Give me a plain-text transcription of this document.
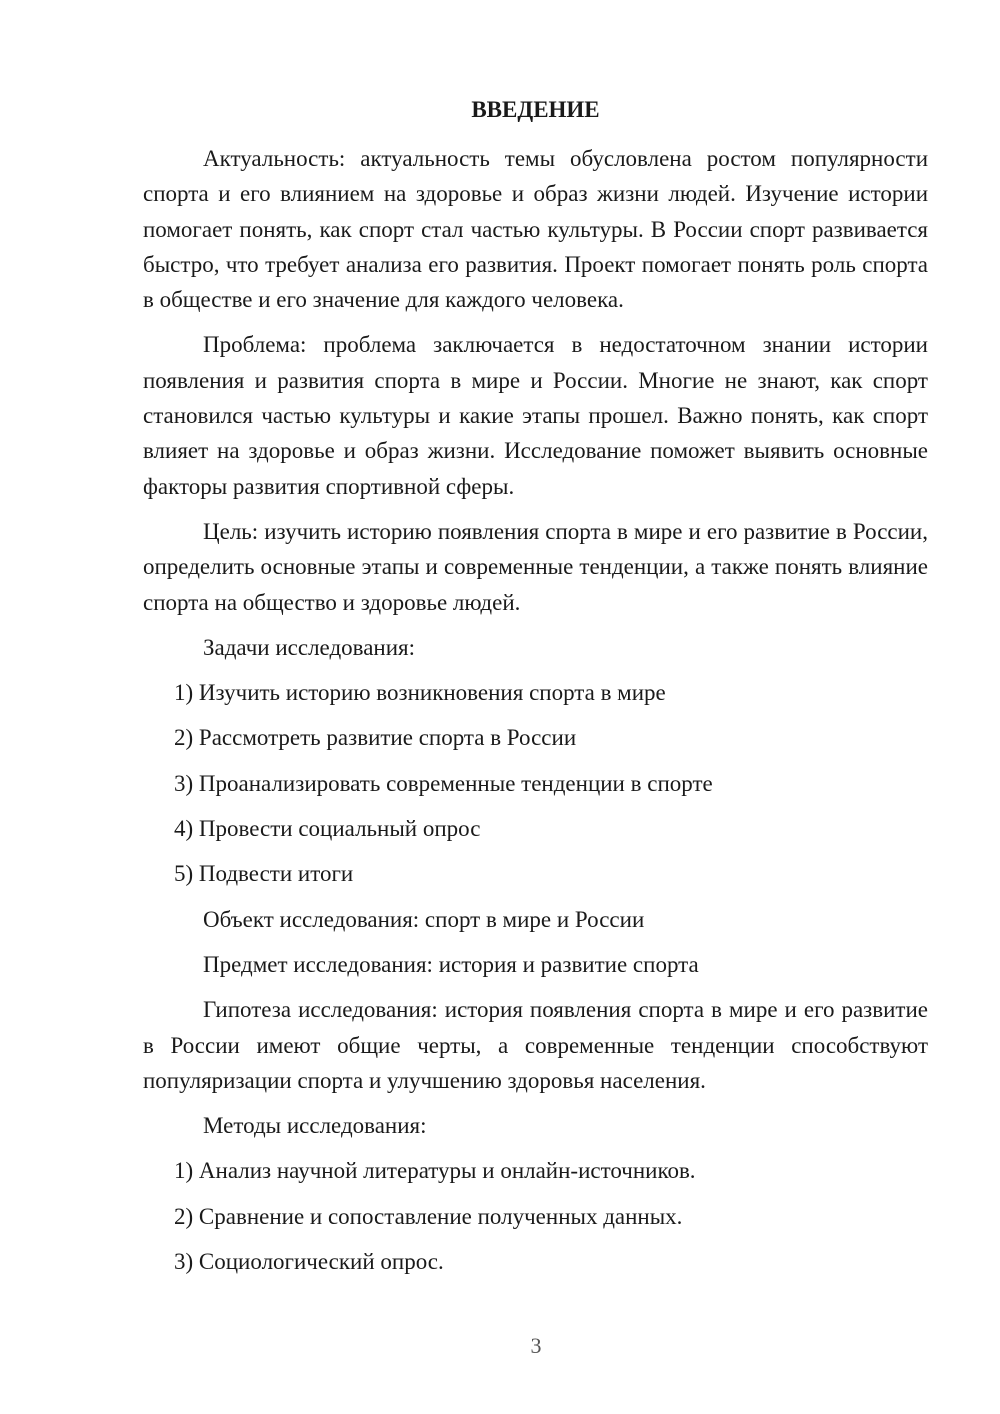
ВВЕДЕНИЕ

Актуальность: актуальность темы обусловлена ростом популярности спорта и его влиянием на здоровье и образ жизни людей. Изучение истории помогает понять, как спорт стал частью культуры. В России спорт развивается быстро, что требует анализа его развития. Проект помогает понять роль спорта в обществе и его значение для каждого человека.

Проблема: проблема заключается в недостаточном знании истории появления и развития спорта в мире и России. Многие не знают, как спорт становился частью культуры и какие этапы прошел. Важно понять, как спорт влияет на здоровье и образ жизни. Исследование поможет выявить основные факторы развития спортивной сферы.

Цель: изучить историю появления спорта в мире и его развитие в России, определить основные этапы и современные тенденции, а также понять влияние спорта на общество и здоровье людей.

Задачи исследования:
1) Изучить историю возникновения спорта в мире
2) Рассмотреть развитие спорта в России
3) Проанализировать современные тенденции в спорте
4) Провести социальный опрос
5) Подвести итоги
Объект исследования: спорт в мире и России
Предмет исследования: история и развитие спорта

Гипотеза исследования: история появления спорта в мире и его развитие в России имеют общие черты, а современные тенденции способствуют популяризации спорта и улучшению здоровья населения.

Методы исследования:
1) Анализ научной литературы и онлайн-источников.
2) Сравнение и сопоставление полученных данных.
3) Социологический опрос.
3
